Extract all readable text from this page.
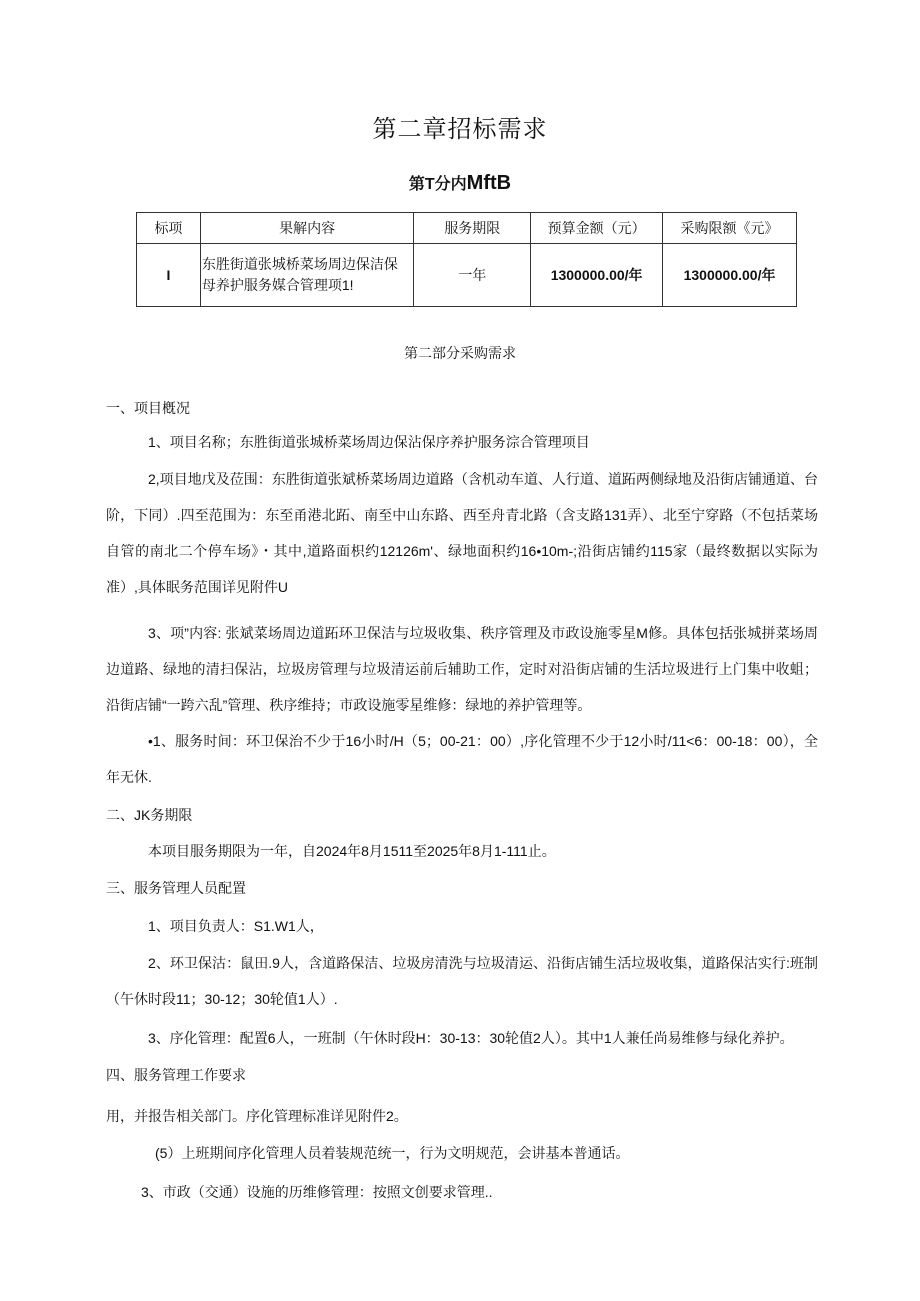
第二章招标需求
第T分内MftB
标项	果解内容	服务期限	预算金额（元）	采购限额《元》
I	东胜街道张城桥菜场周边保洁保母养护服务媒合管理项1!	一年	1300000.00/年	1300000.00/年
第二部分采购需求
一、项目槪况

1、项目名称；东胜街道张城桥菜场周边保沾保序养护服务淙合管理项目

2,项目地戊及莅围：东胜街道张斌桥菜场周边道路（含机动车道、人行道、道跖两侧绿地及沿街店铺通道、台阶，下同）.四至范围为：东至甬港北跖、南至中山东路、西至舟青北路（含支路131弄）、北至宁穿路（不包括菜场自管的南北二个停车场》・其中,道路面枳约12126m'、绿地面积约16•10m-;沿街店铺约115家（最终数据以实际为准）,具体眠务范围详见附件U

3、项”内容: 张斌菜场周边道跖环卫保洁与垃圾收集、秩序管理及市政设施零星M修。具体包括张城拼菜场周边道路、绿地的清扫保沾，垃圾房管理与垃圾清运前后辅助工作，定时对沿街店铺的生活垃圾进行上门集中收蛆；沿街店铺“一跨六乱”管理、秩序维持；市政设施零星维修：绿地的养护管理等。

•1、服务时间：环卫保治不少于16小时/H（5；00-21：00）,序化管理不少于12小时/11<6：00-18：00），全年无休.

二、JK务期限

本项目服务期限为一年，自2024年8月1511至2025年8月1-111止。

三、服务管理人员配置

1、项目负责人：S1.W1人，

2、环卫保沽：鼠田.9人，含道路保洁、垃圾房清洗与垃圾清运、沿街店铺生活垃圾收集，道路保沽实行:班制（午休时段11；30-12；30轮值1人）.

3、序化管理：配置6人，一班制（午休时段H：30-13：30轮值2人）。其中1人兼任尚易维修与绿化养护。

四、服务管理工作要求
用，并报告相关部门。序化管理标准详见附件2。
(5）上班期间序化管理人员着装规范统一，行为文明规范，会讲基本普通话。
3、市政（交通）设施的历维修管理：按照文创要求管理..
